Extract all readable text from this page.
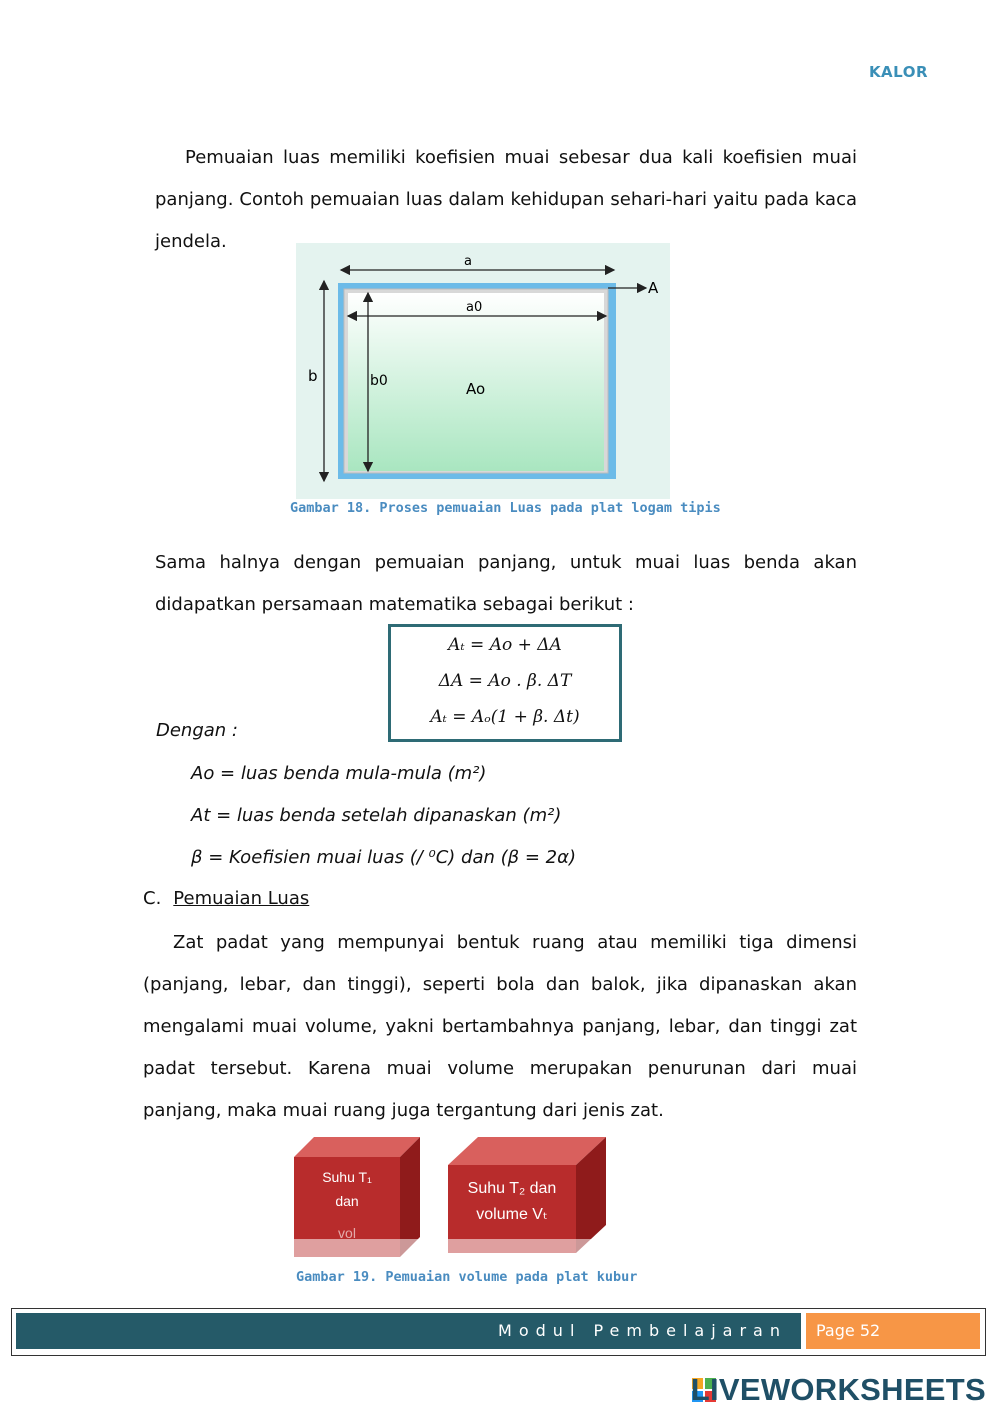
KALOR
Pemuaian luas memiliki koefisien muai sebesar dua kali koefisien muai panjang. Contoh pemuaian luas dalam kehidupan sehari-hari yaitu pada kaca jendela.
a
a0
b	b0	Ao
A
Gambar 18. Proses pemuaian Luas pada plat logam tipis
Sama halnya dengan pemuaian panjang, untuk muai luas benda akan didapatkan persamaan matematika sebagai berikut :
Aₜ = Ao + ΔA
ΔA = Ao . β. ΔT
Aₜ = Aₒ(1 + β. Δt)
Dengan :
Ao = luas benda mula-mula (m²)
At = luas benda setelah dipanaskan (m²)
β = Koefisien muai luas (/ ⁰C) dan (β = 2α)
C. Pemuaian Luas
Zat padat yang mempunyai bentuk ruang atau memiliki tiga dimensi (panjang, lebar, dan tinggi), seperti bola dan balok, jika dipanaskan akan mengalami muai volume, yakni bertambahnya panjang, lebar, dan tinggi zat padat tersebut. Karena muai volume merupakan penurunan dari muai panjang, maka muai ruang juga tergantung dari jenis zat.
Suhu T₁
dan
vol
Suhu T₂ dan
volume Vₜ
Gambar 19. Pemuaian volume pada plat kubur
Modul Pembelajaran	Page 52
LIVEWORKSHEETS
